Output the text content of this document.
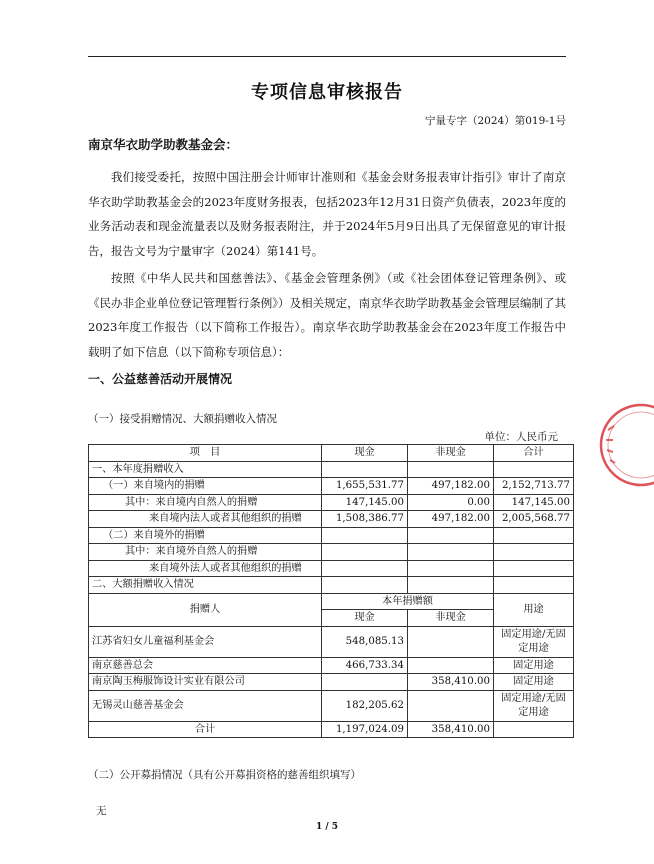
专项信息审核报告
宁量专字（2024）第019-1号
南京华衣助学助教基金会：

我们接受委托，按照中国注册会计师审计准则和《基金会财务报表审计指引》审计了南京华衣助学助教基金会的2023年度财务报表，包括2023年12月31日资产负债表，2023年度的业务活动表和现金流量表以及财务报表附注，并于2024年5月9日出具了无保留意见的审计报告，报告文号为宁量审字（2024）第141号。

按照《中华人民共和国慈善法》、《基金会管理条例》（或《社会团体登记管理条例》、或《民办非企业单位登记管理暂行条例》）及相关规定，南京华衣助学助教基金会管理层编制了其2023年度工作报告（以下简称工作报告）。南京华衣助学助教基金会在2023年度工作报告中载明了如下信息（以下简称专项信息）：

一、公益慈善活动开展情况
（一）接受捐赠情况、大额捐赠收入情况
单位：人民币元
项　目	现金	非现金	合计
一、本年度捐赠收入			
（一）来自境内的捐赠	1,655,531.77	497,182.00	2,152,713.77
其中：来自境内自然人的捐赠	147,145.00	0.00	147,145.00
来自境内法人或者其他组织的捐赠	1,508,386.77	497,182.00	2,005,568.77
（二）来自境外的捐赠			
其中：来自境外自然人的捐赠			
来自境外法人或者其他组织的捐赠			
二、大额捐赠收入情况			
捐赠人	本年捐赠额		用途
	现金	非现金	
江苏省妇女儿童福利基金会	548,085.13		固定用途/无固定用途
南京慈善总会	466,733.34		固定用途
南京陶玉梅服饰设计实业有限公司		358,410.00	固定用途
无锡灵山慈善基金会	182,205.62		固定用途/无固定用途
合计	1,197,024.09	358,410.00	
（二）公开募捐情况（具有公开募捐资格的慈善组织填写）
无
1 / 5
